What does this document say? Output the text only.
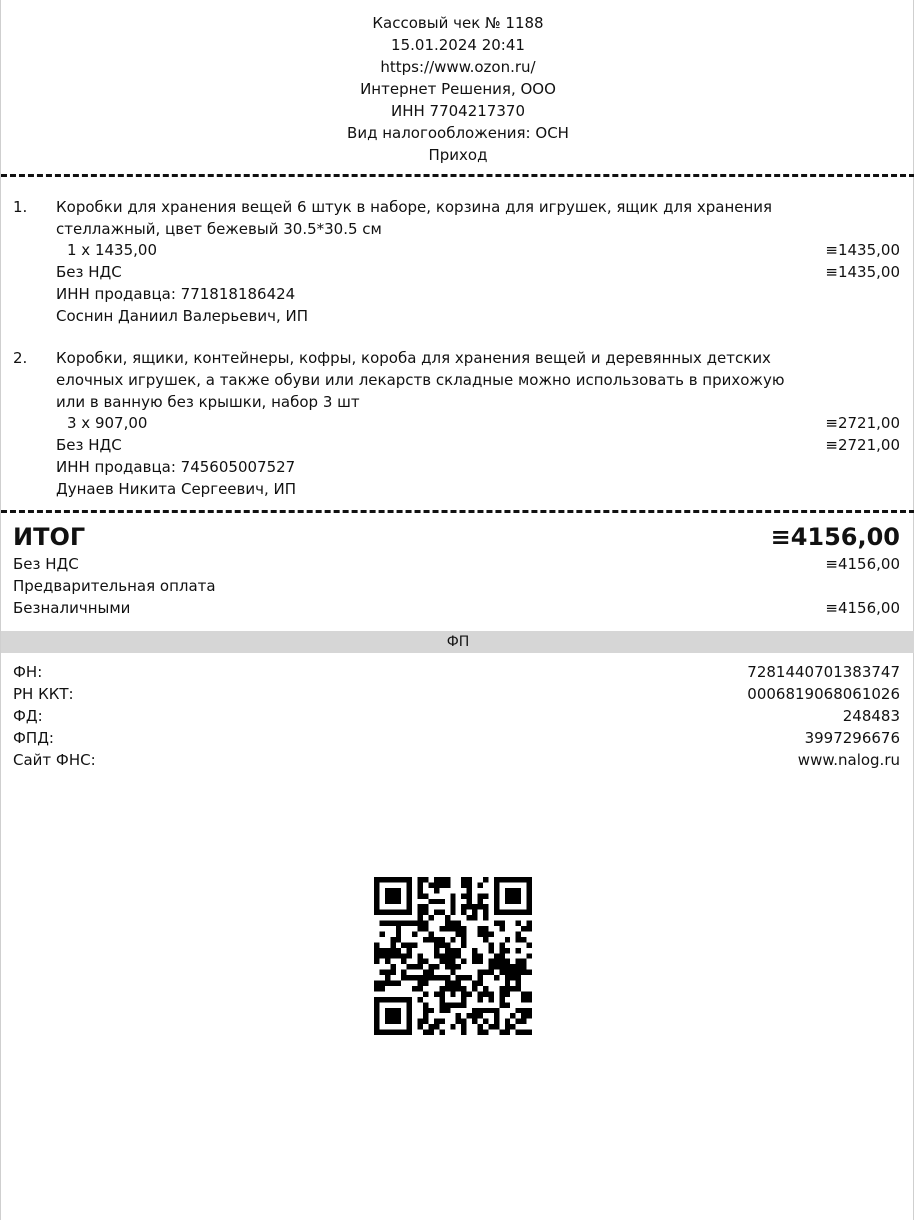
Кассовый чек № 1188
15.01.2024 20:41
https://www.ozon.ru/
Интернет Решения, ООО
ИНН 7704217370
Вид налогообложения: ОСН
Приход
1. Коробки для хранения вещей 6 штук в наборе, корзина для игрушек, ящик для хранения
стеллажный, цвет бежевый 30.5*30.5 см
1 x 1435,00	≡1435,00
Без НДС	≡1435,00
ИНН продавца: 771818186424
Соснин Даниил Валерьевич, ИП
2. Коробки, ящики, контейнеры, кофры, короба для хранения вещей и деревянных детских
елочных игрушек, а также обуви или лекарств складные можно использовать в прихожую
или в ванную без крышки, набор 3 шт
3 x 907,00	≡2721,00
Без НДС	≡2721,00
ИНН продавца: 745605007527
Дунаев Никита Сергеевич, ИП
ИТОГ	≡4156,00
Без НДС	≡4156,00
Предварительная оплата
Безналичными	≡4156,00
ФП
ФН:	7281440701383747
РН ККТ:	0006819068061026
ФД:	248483
ФПД:	3997296676
Сайт ФНС:	www.nalog.ru
